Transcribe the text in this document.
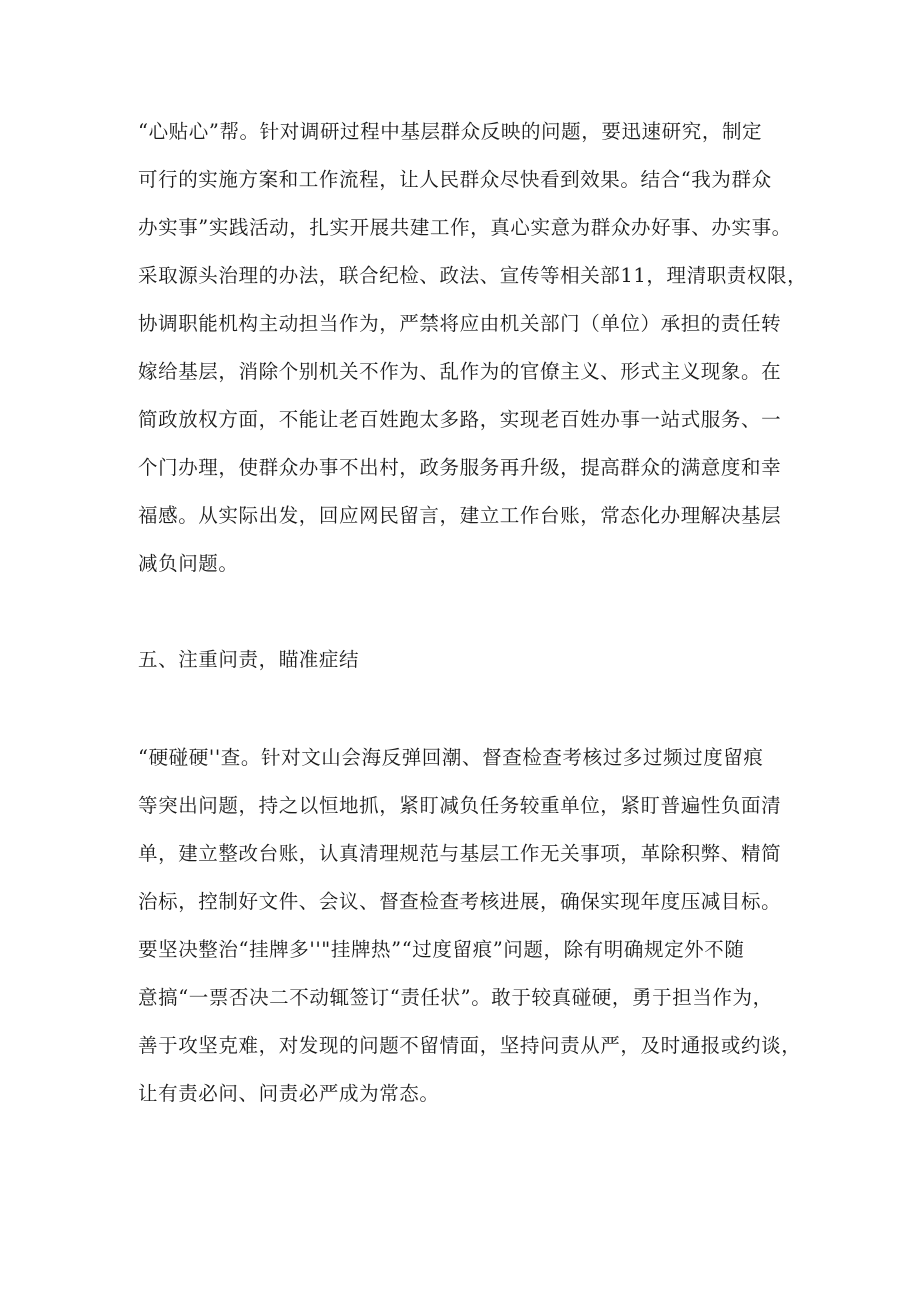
“心贴心”帮。针对调研过程中基层群众反映的问题，要迅速研究，制定
可行的实施方案和工作流程，让人民群众尽快看到效果。结合“我为群众
办实事”实践活动，扎实开展共建工作，真心实意为群众办好事、办实事。
采取源头治理的办法，联合纪检、政法、宣传等相关部11，理清职责权限，
协调职能机构主动担当作为，严禁将应由机关部门（单位）承担的责任转
嫁给基层，消除个别机关不作为、乱作为的官僚主义、形式主义现象。在
简政放权方面，不能让老百姓跑太多路，实现老百姓办事一站式服务、一
个门办理，使群众办事不出村，政务服务再升级，提高群众的满意度和幸
福感。从实际出发，回应网民留言，建立工作台账，常态化办理解决基层
减负问题。
五、注重问责，瞄准症结
“硬碰硬''查。针对文山会海反弹回潮、督查检查考核过多过频过度留痕
等突出问题，持之以恒地抓，紧盯减负任务较重单位，紧盯普遍性负面清
单，建立整改台账，认真清理规范与基层工作无关事项，革除积弊、精简
治标，控制好文件、会议、督查检查考核进展，确保实现年度压减目标。
要坚决整治“挂牌多''"挂牌热”“过度留痕”问题，除有明确规定外不随
意搞“一票否决二不动辄签订“责任状”。敢于较真碰硬，勇于担当作为，
善于攻坚克难，对发现的问题不留情面，坚持问责从严，及时通报或约谈，
让有责必问、问责必严成为常态。
